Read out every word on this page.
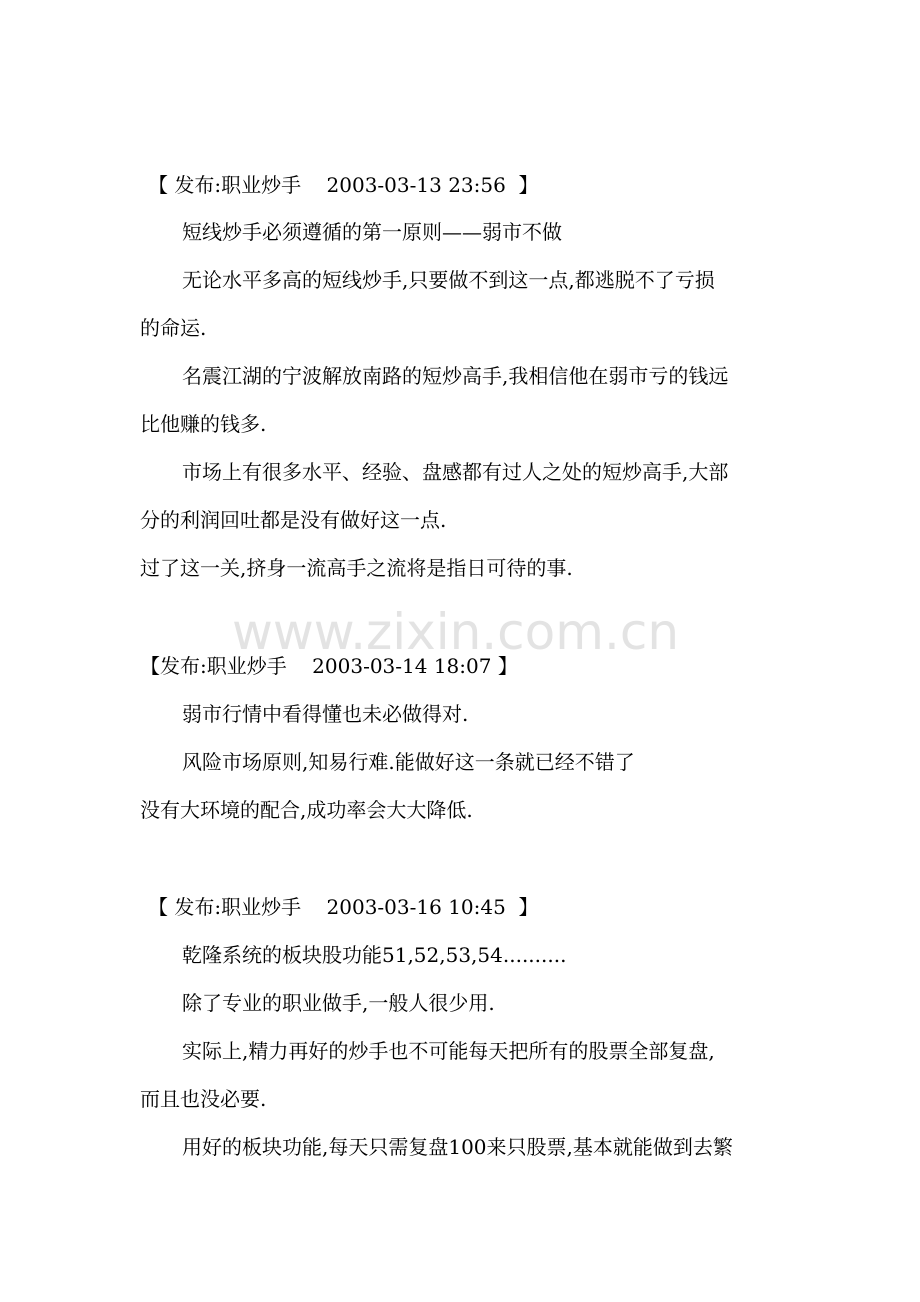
www.zixin.com.cn
【 发布:职业炒手    2003-03-13 23:56  】
短线炒手必须遵循的第一原则——弱市不做
无论水平多高的短线炒手,只要做不到这一点,都逃脱不了亏损
的命运.
名震江湖的宁波解放南路的短炒高手,我相信他在弱市亏的钱远
比他赚的钱多.
市场上有很多水平、经验、盘感都有过人之处的短炒高手,大部
分的利润回吐都是没有做好这一点.
过了这一关,挤身一流高手之流将是指日可待的事.
【发布:职业炒手    2003-03-14 18:07 】
弱市行情中看得懂也未必做得对.
风险市场原则,知易行难.能做好这一条就已经不错了
没有大环境的配合,成功率会大大降低.
【 发布:职业炒手    2003-03-16 10:45  】
乾隆系统的板块股功能51,52,53,54..........
除了专业的职业做手,一般人很少用.
实际上,精力再好的炒手也不可能每天把所有的股票全部复盘,
而且也没必要.
用好的板块功能,每天只需复盘100来只股票,基本就能做到去繁
